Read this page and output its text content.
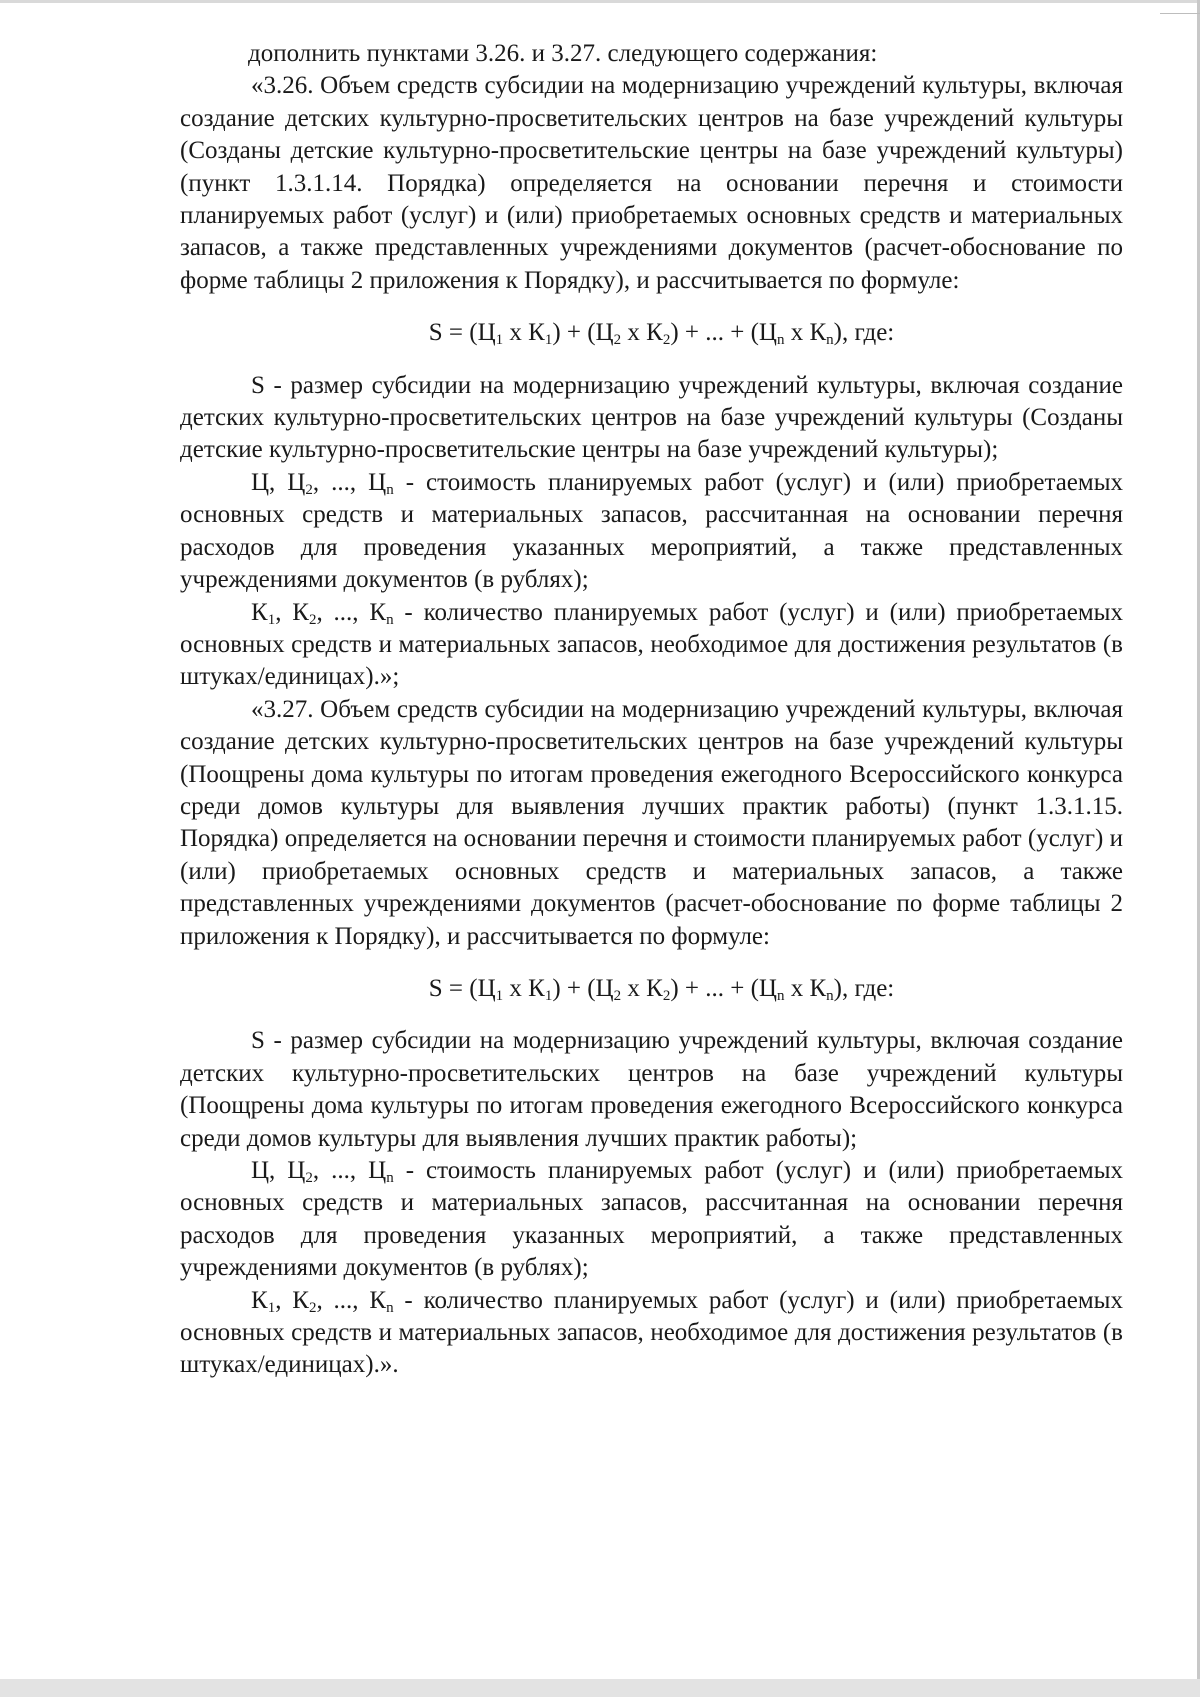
дополнить пунктами 3.26. и 3.27. следующего содержания:

«3.26. Объем средств субсидии на модернизацию учреждений культуры, включая создание детских культурно-просветительских центров на базе учреждений культуры (Созданы детские культурно-просветительские центры на базе учреждений культуры) (пункт 1.3.1.14. Порядка) определяется на основании перечня и стоимости планируемых работ (услуг) и (или) приобретаемых основных средств и материальных запасов, а также представленных учреждениями документов (расчет-обоснование по форме таблицы 2 приложения к Порядку), и рассчитывается по формуле:

$S = (Ц_1$ х $К_1) + (Ц_2$ х $К_2$) + ... + ($Ц_n$ х $К_n$), где:

S - размер субсидии на модернизацию учреждений культуры, включая создание детских культурно-просветительских центров на базе учреждений культуры (Созданы детские культурно-просветительские центры на базе учреждений культуры);

Ц, $Ц_2$, ..., $Ц_n$ - стоимость планируемых работ (услуг) и (или) приобретаемых основных средств и материальных запасов, рассчитанная на основании перечня расходов для проведения указанных мероприятий, а также представленных учреждениями документов (в рублях);

$К_1$, $К_2$, ..., $К_n$ - количество планируемых работ (услуг) и (или) приобретаемых основных средств и материальных запасов, необходимое для достижения результатов (в штуках/единицах).»;

«3.27. Объем средств субсидии на модернизацию учреждений культуры, включая создание детских культурно-просветительских центров на базе учреждений культуры (Поощрены дома культуры по итогам проведения ежегодного Всероссийского конкурса среди домов культуры для выявления лучших практик работы) (пункт 1.3.1.15. Порядка) определяется на основании перечня и стоимости планируемых работ (услуг) и (или) приобретаемых основных средств и материальных запасов, а также представленных учреждениями документов (расчет-обоснование по форме таблицы 2 приложения к Порядку), и рассчитывается по формуле:

$S = (Ц_1$ х $К_1) + (Ц_2$ х $К_2$) + ... + ($Ц_n$ х $К_n$), где:

S - размер субсидии на модернизацию учреждений культуры, включая создание детских культурно-просветительских центров на базе учреждений культуры (Поощрены дома культуры по итогам проведения ежегодного Всероссийского конкурса среди домов культуры для выявления лучших практик работы);

Ц, $Ц_2$, ..., $Ц_n$ - стоимость планируемых работ (услуг) и (или) приобретаемых основных средств и материальных запасов, рассчитанная на основании перечня расходов для проведения указанных мероприятий, а также представленных учреждениями документов (в рублях);

$К_1$, $К_2$, ..., $К_n$ - количество планируемых работ (услуг) и (или) приобретаемых основных средств и материальных запасов, необходимое для достижения результатов (в штуках/единицах).».
